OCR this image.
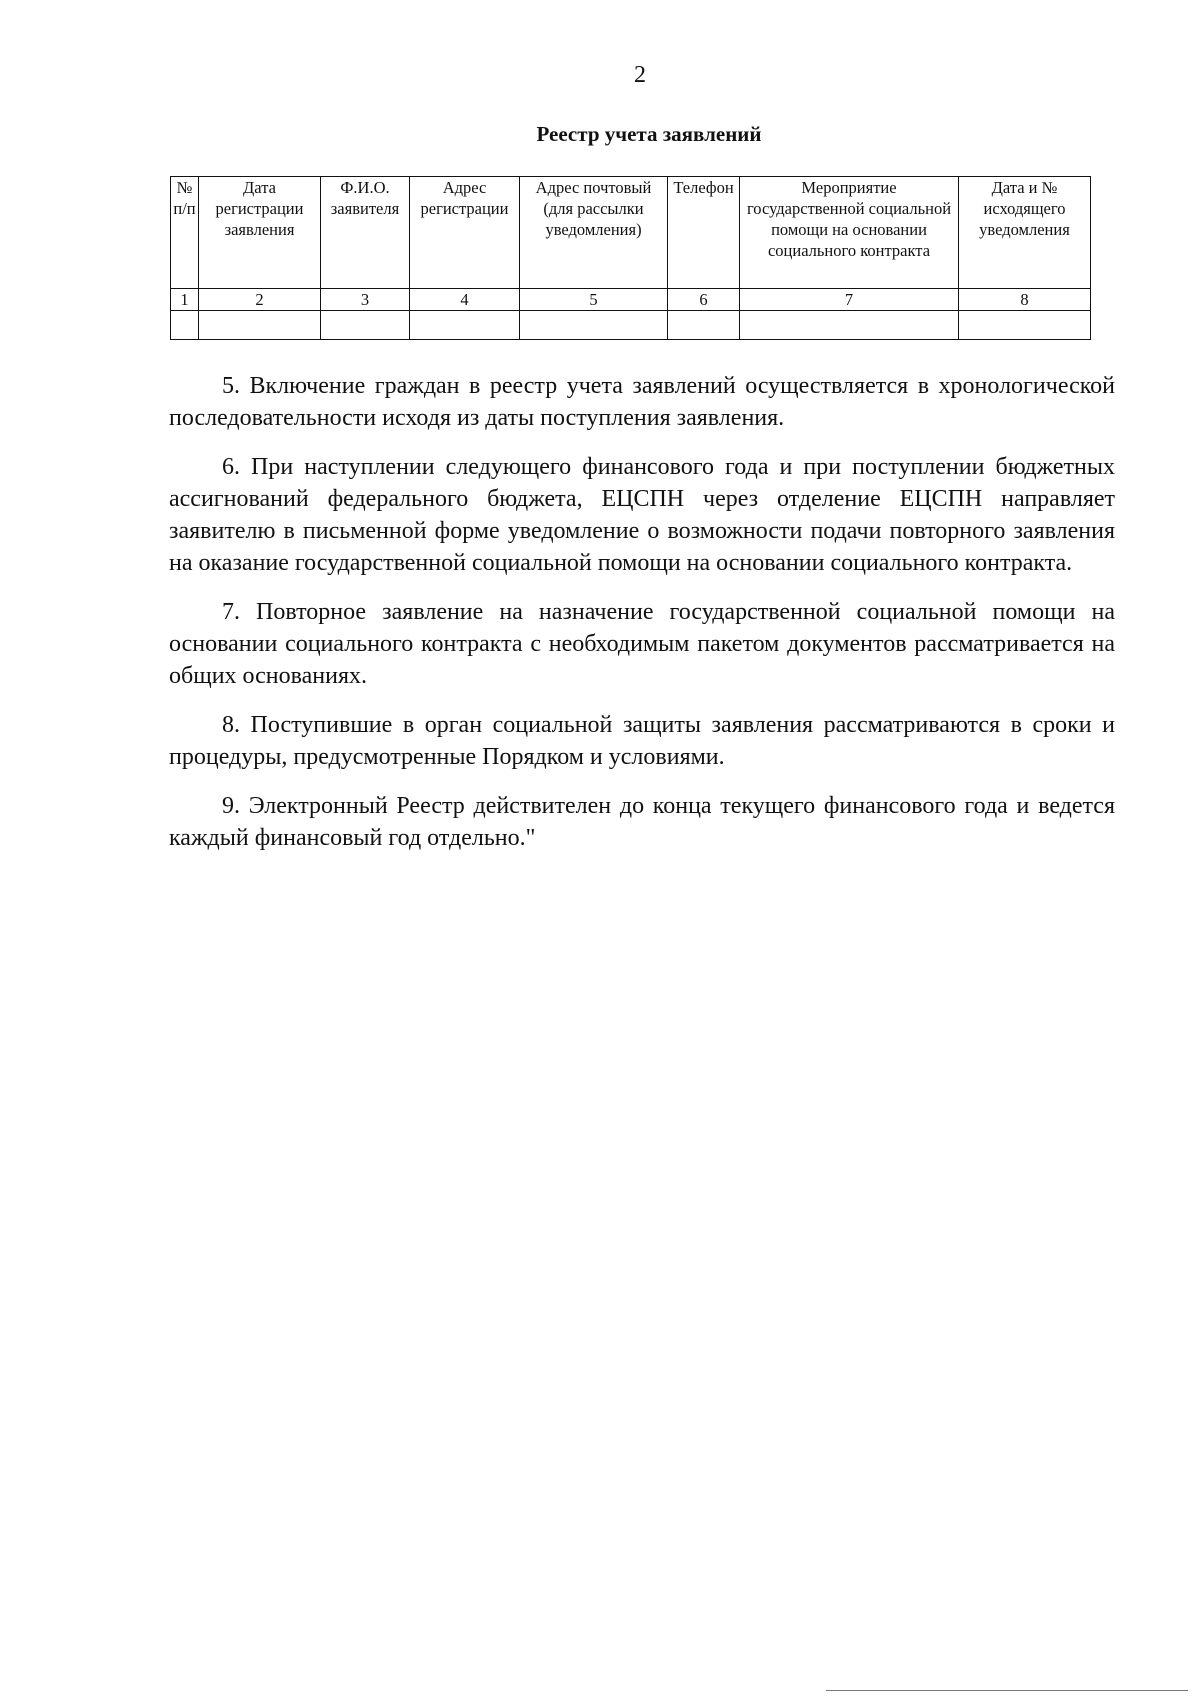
2
Реестр учета заявлений
№ п/п	Дата регистрации заявления	Ф.И.О. заявителя	Адрес регистрации	Адрес почтовый (для рассылки уведомления)	Телефон	Мероприятие государственной социальной помощи на основании социального контракта	Дата и № исходящего уведомления
1	2	3	4	5	6	7	8

5. Включение граждан в реестр учета заявлений осуществляется в хронологической последовательности исходя из даты поступления заявления.

6. При наступлении следующего финансового года и при поступлении бюджетных ассигнований федерального бюджета, ЕЦСПН через отделение ЕЦСПН направляет заявителю в письменной форме уведомление о возможности подачи повторного заявления на оказание государственной социальной помощи на основании социального контракта.

7. Повторное заявление на назначение государственной социальной помощи на основании социального контракта с необходимым пакетом документов рассматривается на общих основаниях.

8. Поступившие в орган социальной защиты заявления рассматриваются в сроки и процедуры, предусмотренные Порядком и условиями.

9. Электронный Реестр действителен до конца текущего финансового года и ведется каждый финансовый год отдельно."
